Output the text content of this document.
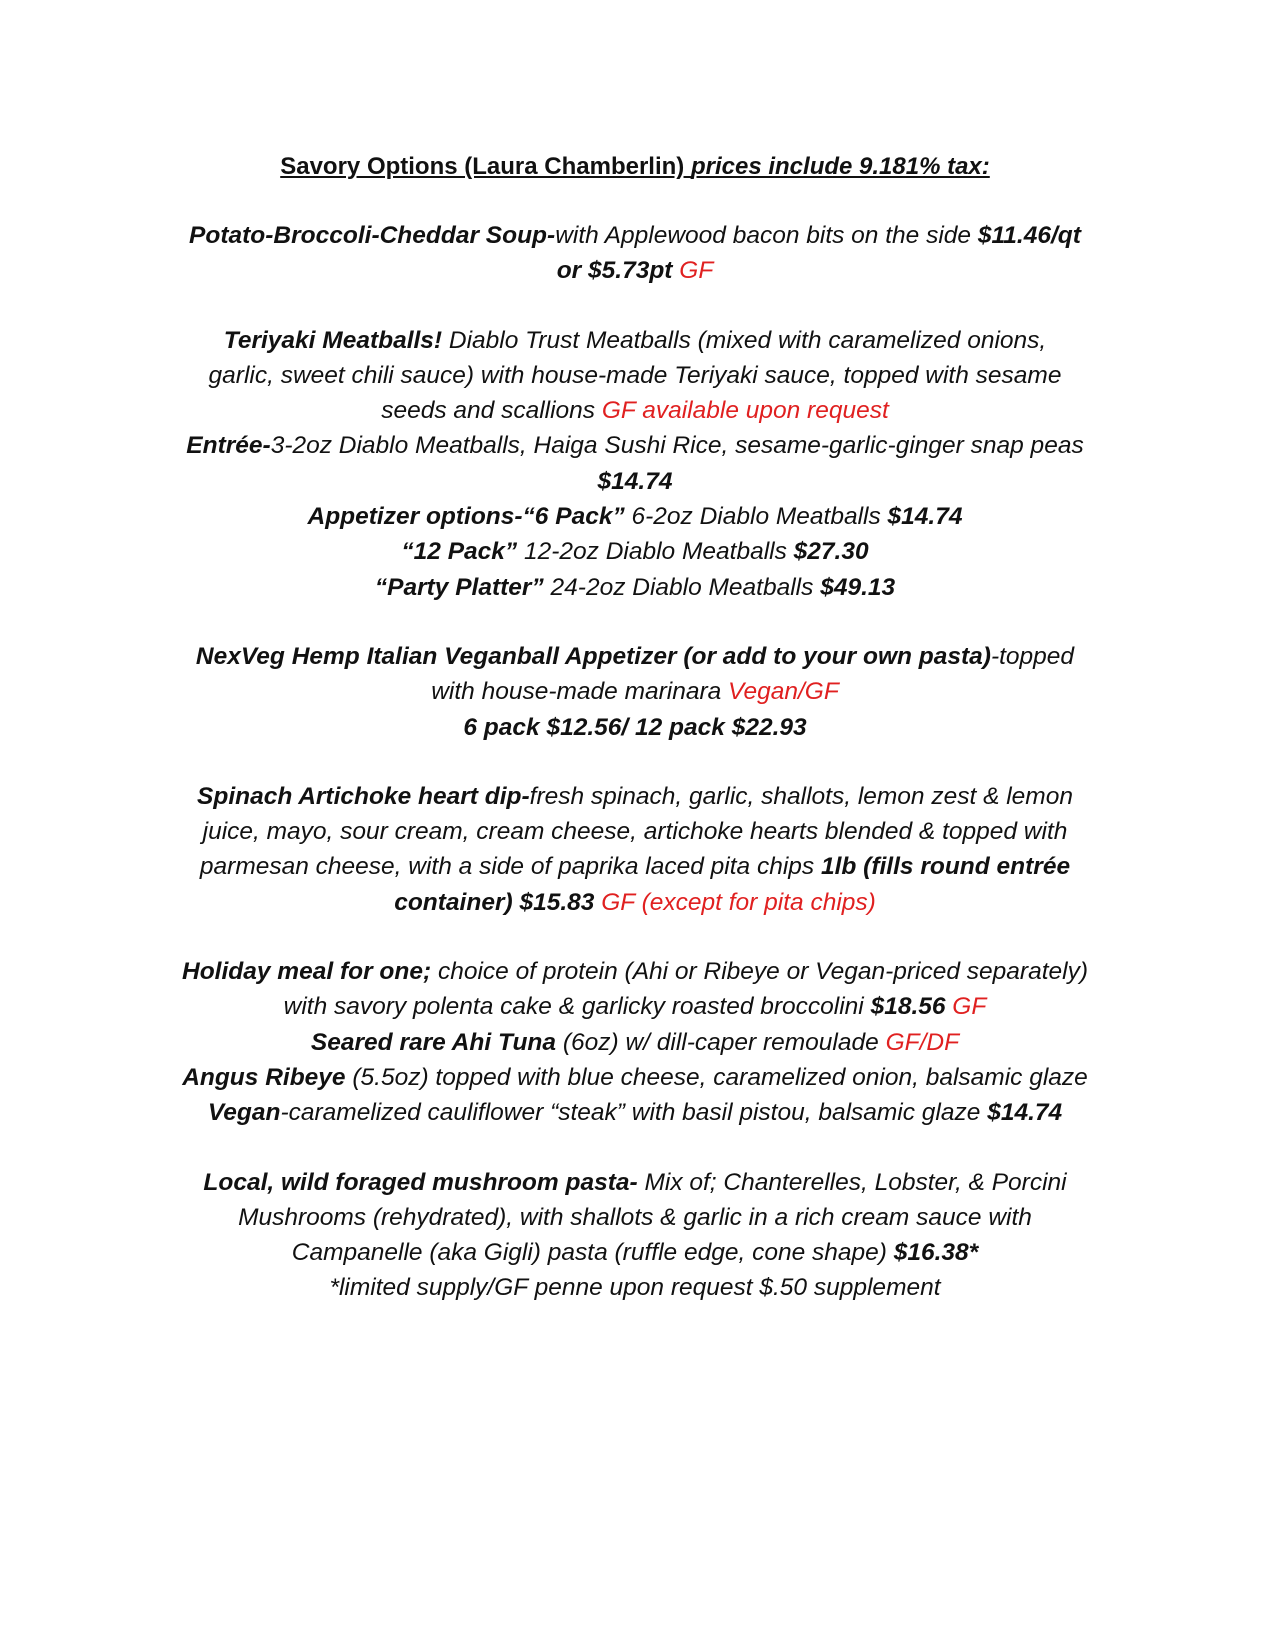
Savory Options (Laura Chamberlin) prices include 9.181% tax:
Potato-Broccoli-Cheddar Soup-with Applewood bacon bits on the side $11.46/qt
or $5.73pt GF
Teriyaki Meatballs! Diablo Trust Meatballs (mixed with caramelized onions,
garlic, sweet chili sauce) with house-made Teriyaki sauce, topped with sesame
seeds and scallions GF available upon request
Entrée-3-2oz Diablo Meatballs, Haiga Sushi Rice, sesame-garlic-ginger snap peas
$14.74
Appetizer options-“6 Pack” 6-2oz Diablo Meatballs $14.74
“12 Pack” 12-2oz Diablo Meatballs $27.30
“Party Platter” 24-2oz Diablo Meatballs $49.13
NexVeg Hemp Italian Veganball Appetizer (or add to your own pasta)-topped
with house-made marinara Vegan/GF
6 pack $12.56/ 12 pack $22.93
Spinach Artichoke heart dip-fresh spinach, garlic, shallots, lemon zest & lemon
juice, mayo, sour cream, cream cheese, artichoke hearts blended & topped with
parmesan cheese, with a side of paprika laced pita chips 1lb (fills round entrée
container) $15.83 GF (except for pita chips)
Holiday meal for one; choice of protein (Ahi or Ribeye or Vegan-priced separately)
with savory polenta cake & garlicky roasted broccolini $18.56 GF
Seared rare Ahi Tuna (6oz) w/ dill-caper remoulade GF/DF
Angus Ribeye (5.5oz) topped with blue cheese, caramelized onion, balsamic glaze
Vegan-caramelized cauliflower “steak” with basil pistou, balsamic glaze $14.74
Local, wild foraged mushroom pasta- Mix of; Chanterelles, Lobster, & Porcini
Mushrooms (rehydrated), with shallots & garlic in a rich cream sauce with
Campanelle (aka Gigli) pasta (ruffle edge, cone shape) $16.38*
*limited supply/GF penne upon request $.50 supplement
